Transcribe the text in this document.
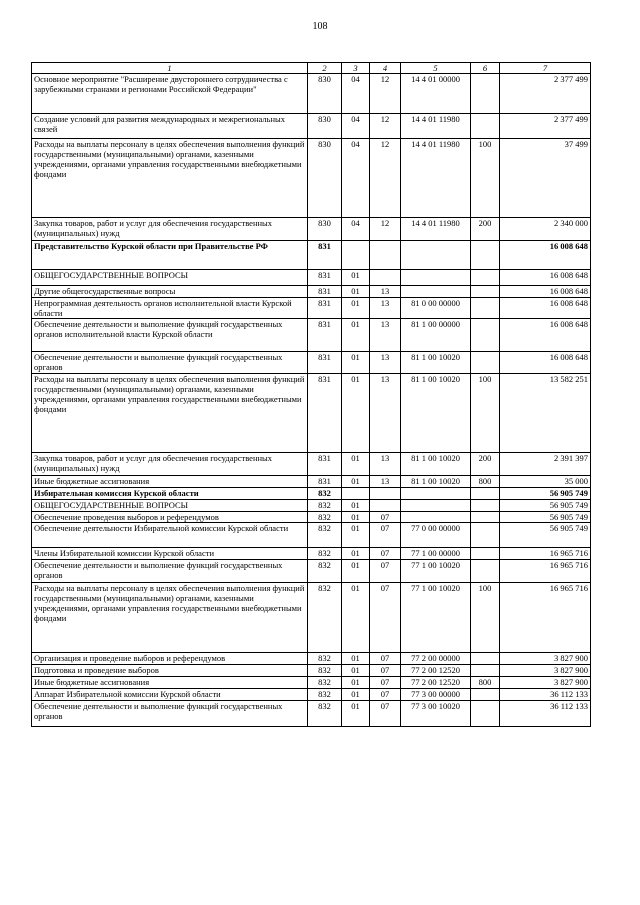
108
1	2	3	4	5	6	7
Основное мероприятие "Расширение двустороннего сотрудничества с зарубежными странами и регионами Российской Федерации"	830	04	12	14 4 01 00000		2 377 499
Создание условий для развития международных и межрегиональных связей	830	04	12	14 4 01 11980		2 377 499
Расходы на выплаты персоналу в целях обеспечения выполнения функций государственными (муниципальными) органами, казенными учреждениями, органами управления государственными внебюджетными фондами	830	04	12	14 4 01 11980	100	37 499
Закупка товаров, работ и услуг для обеспечения государственных (муниципальных) нужд	830	04	12	14 4 01 11980	200	2 340 000
Представительство Курской области при Правительстве РФ	831					16 008 648
ОБЩЕГОСУДАРСТВЕННЫЕ ВОПРОСЫ	831	01				16 008 648
Другие общегосударственные вопросы	831	01	13			16 008 648
Непрограммная деятельность органов исполнительной власти Курской области	831	01	13	81 0 00 00000		16 008 648
Обеспечение деятельности и выполнение функций государственных органов исполнительной власти Курской области	831	01	13	81 1 00 00000		16 008 648
Обеспечение деятельности и выполнение функций государственных органов	831	01	13	81 1 00 10020		16 008 648
Расходы на выплаты персоналу в целях обеспечения выполнения функций государственными (муниципальными) органами, казенными учреждениями, органами управления государственными внебюджетными фондами	831	01	13	81 1 00 10020	100	13 582 251
Закупка товаров, работ и услуг для обеспечения государственных (муниципальных) нужд	831	01	13	81 1 00 10020	200	2 391 397
Иные бюджетные ассигнования	831	01	13	81 1 00 10020	800	35 000
Избирательная комиссия Курской области	832					56 905 749
ОБЩЕГОСУДАРСТВЕННЫЕ ВОПРОСЫ	832	01				56 905 749
Обеспечение проведения выборов и референдумов	832	01	07			56 905 749
Обеспечение деятельности Избирательной комиссии Курской области	832	01	07	77 0 00 00000		56 905 749
Члены Избирательной комиссии Курской области	832	01	07	77 1 00 00000		16 965 716
Обеспечение деятельности и выполнение функций государственных органов	832	01	07	77 1 00 10020		16 965 716
Расходы на выплаты персоналу в целях обеспечения выполнения функций государственными (муниципальными) органами, казенными учреждениями, органами управления государственными внебюджетными фондами	832	01	07	77 1 00 10020	100	16 965 716
Организация и проведение выборов и референдумов	832	01	07	77 2 00 00000		3 827 900
Подготовка и проведение выборов	832	01	07	77 2 00 12520		3 827 900
Иные бюджетные ассигнования	832	01	07	77 2 00 12520	800	3 827 900
Аппарат Избирательной комиссии Курской области	832	01	07	77 3 00 00000		36 112 133
Обеспечение деятельности и выполнение функций государственных органов	832	01	07	77 3 00 10020		36 112 133
